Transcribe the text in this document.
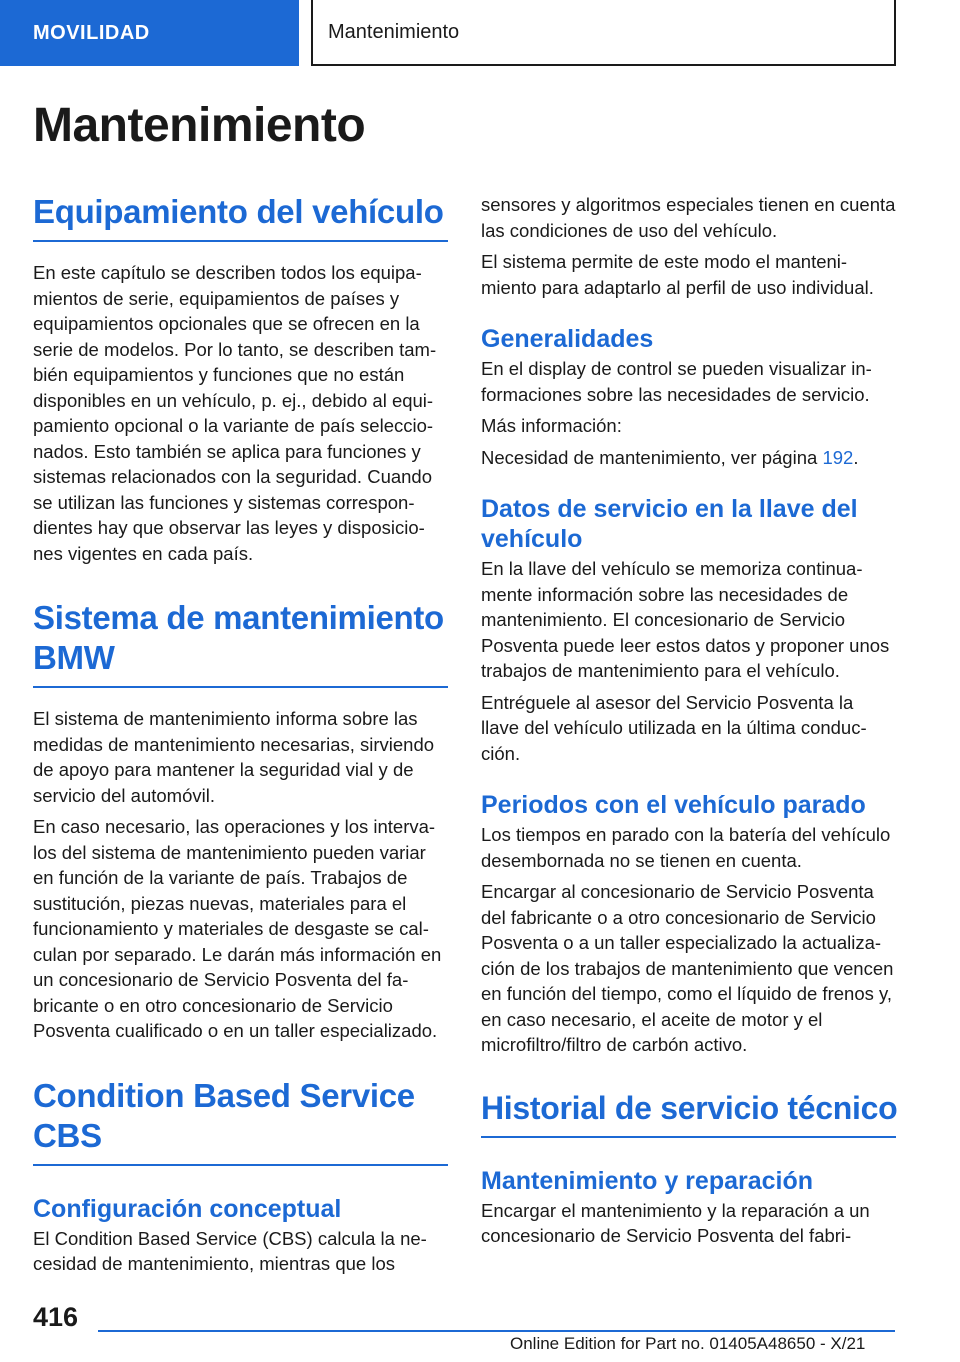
MOVILIDAD	Mantenimiento
Mantenimiento
Equipamiento del vehículo

En este capítulo se describen todos los equipamientos de serie, equipamientos de países y equipamientos opcionales que se ofrecen en la serie de modelos. Por lo tanto, se describen también equipamientos y funciones que no están disponibles en un vehículo, p. ej., debido al equipamiento opcional o la variante de país seleccionados. Esto también se aplica para funciones y sistemas relacionados con la seguridad. Cuando se utilizan las funciones y sistemas correspondientes hay que observar las leyes y disposiciones vigentes en cada país.

Sistema de mantenimiento BMW

El sistema de mantenimiento informa sobre las medidas de mantenimiento necesarias, sirviendo de apoyo para mantener la seguridad vial y de servicio del automóvil.

En caso necesario, las operaciones y los intervalos del sistema de mantenimiento pueden variar en función de la variante de país. Trabajos de sustitución, piezas nuevas, materiales para el funcionamiento y materiales de desgaste se calculan por separado. Le darán más información en un concesionario de Servicio Posventa del fabricante o en otro concesionario de Servicio Posventa cualificado o en un taller especializado.

Condition Based Service CBS
Configuración conceptual

El Condition Based Service (CBS) calcula la necesidad de mantenimiento, mientras que los

sensores y algoritmos especiales tienen en cuenta las condiciones de uso del vehículo.

El sistema permite de este modo el mantenimiento para adaptarlo al perfil de uso individual.

Generalidades

En el display de control se pueden visualizar informaciones sobre las necesidades de servicio.

Más información:

Necesidad de mantenimiento, ver página 192.

Datos de servicio en la llave del vehículo

En la llave del vehículo se memoriza continuamente información sobre las necesidades de mantenimiento. El concesionario de Servicio Posventa puede leer estos datos y proponer unos trabajos de mantenimiento para el vehículo.

Entréguele al asesor del Servicio Posventa la llave del vehículo utilizada en la última conducción.

Periodos con el vehículo parado

Los tiempos en parado con la batería del vehículo desembornada no se tienen en cuenta.

Encargar al concesionario de Servicio Posventa del fabricante o a otro concesionario de Servicio Posventa o a un taller especializado la actualización de los trabajos de mantenimiento que vencen en función del tiempo, como el líquido de frenos y, en caso necesario, el aceite de motor y el microfiltro/filtro de carbón activo.

Historial de servicio técnico
Mantenimiento y reparación

Encargar el mantenimiento y la reparación a un concesionario de Servicio Posventa del fabri-

416
Online Edition for Part no. 01405A48650 - X/21
